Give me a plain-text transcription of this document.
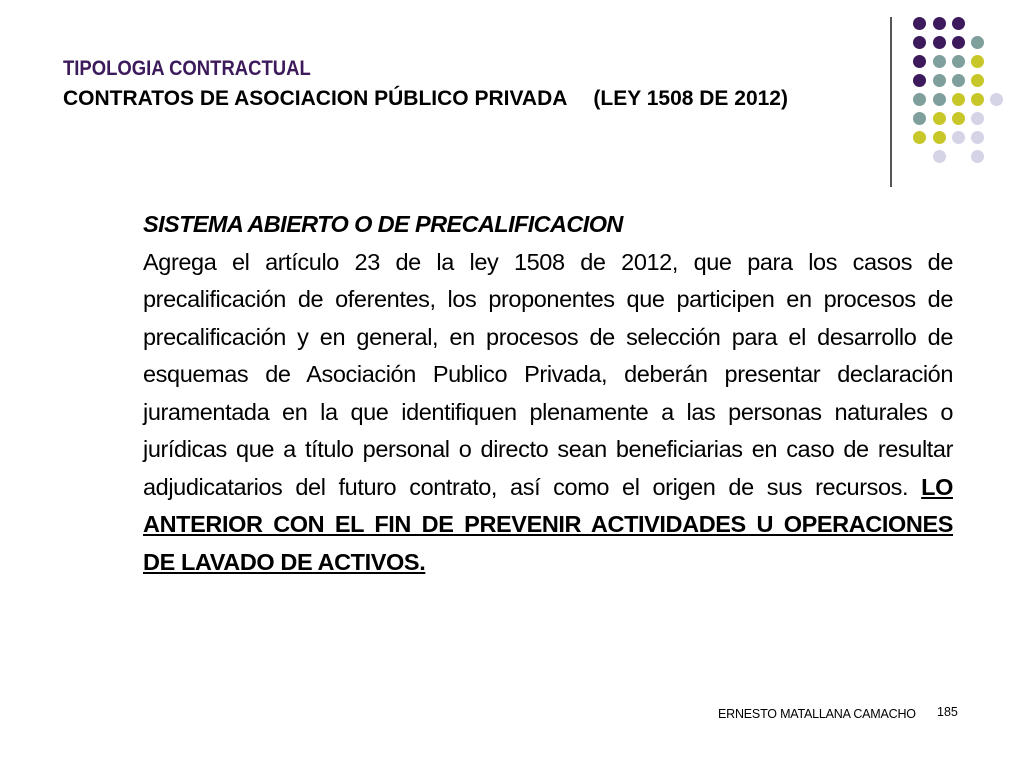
TIPOLOGIA CONTRACTUAL

CONTRATOS DE ASOCIACION PÚBLICO PRIVADA (LEY 1508 DE 2012)

SISTEMA ABIERTO O DE PRECALIFICACION

Agrega el artículo 23 de la ley 1508 de 2012, que para los casos de precalificación de oferentes, los proponentes que participen en procesos de precalificación y en general, en procesos de selección para el desarrollo de esquemas de Asociación Publico Privada, deberán presentar declaración juramentada en la que identifiquen plenamente a las personas naturales o jurídicas que a título personal o directo sean beneficiarias en caso de resultar adjudicatarios del futuro contrato, así como el origen de sus recursos. LO ANTERIOR CON EL FIN DE PREVENIR ACTIVIDADES U OPERACIONES DE LAVADO DE ACTIVOS.

ERNESTO MATALLANA CAMACHO 185
